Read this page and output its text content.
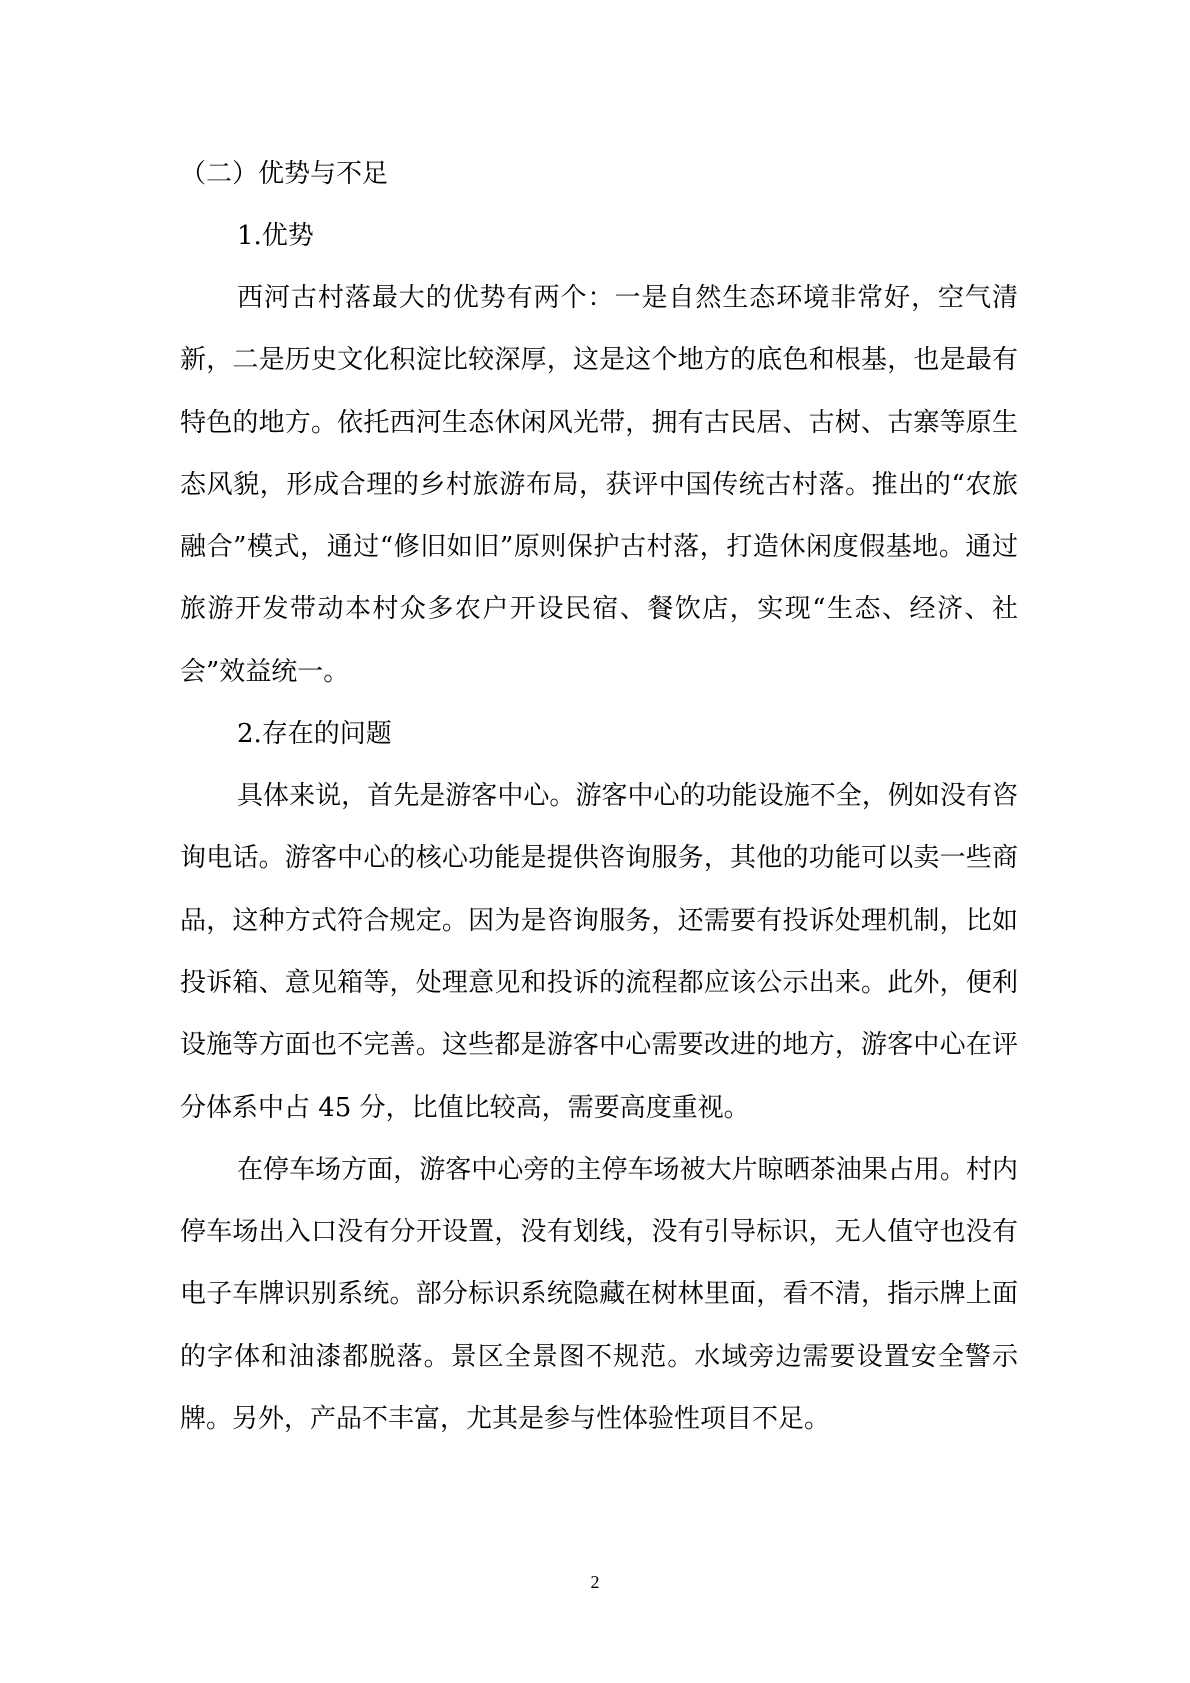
（二）优势与不足

1.优势

西河古村落最大的优势有两个：一是自然生态环境非常好，空气清新，二是历史文化积淀比较深厚，这是这个地方的底色和根基，也是最有特色的地方。依托西河生态休闲风光带，拥有古民居、古树、古寨等原生态风貌，形成合理的乡村旅游布局，获评中国传统古村落。推出的“农旅融合”模式，通过“修旧如旧”原则保护古村落，打造休闲度假基地。通过旅游开发带动本村众多农户开设民宿、餐饮店，实现“生态、经济、社会”效益统一。

2.存在的问题

具体来说，首先是游客中心。游客中心的功能设施不全，例如没有咨询电话。游客中心的核心功能是提供咨询服务，其他的功能可以卖一些商品，这种方式符合规定。因为是咨询服务，还需要有投诉处理机制，比如投诉箱、意见箱等，处理意见和投诉的流程都应该公示出来。此外，便利设施等方面也不完善。这些都是游客中心需要改进的地方，游客中心在评分体系中占 45 分，比值比较高，需要高度重视。

在停车场方面，游客中心旁的主停车场被大片晾晒茶油果占用。村内停车场出入口没有分开设置，没有划线，没有引导标识，无人值守也没有电子车牌识别系统。部分标识系统隐藏在树林里面，看不清，指示牌上面的字体和油漆都脱落。景区全景图不规范。水域旁边需要设置安全警示牌。另外，产品不丰富，尤其是参与性体验性项目不足。

2
